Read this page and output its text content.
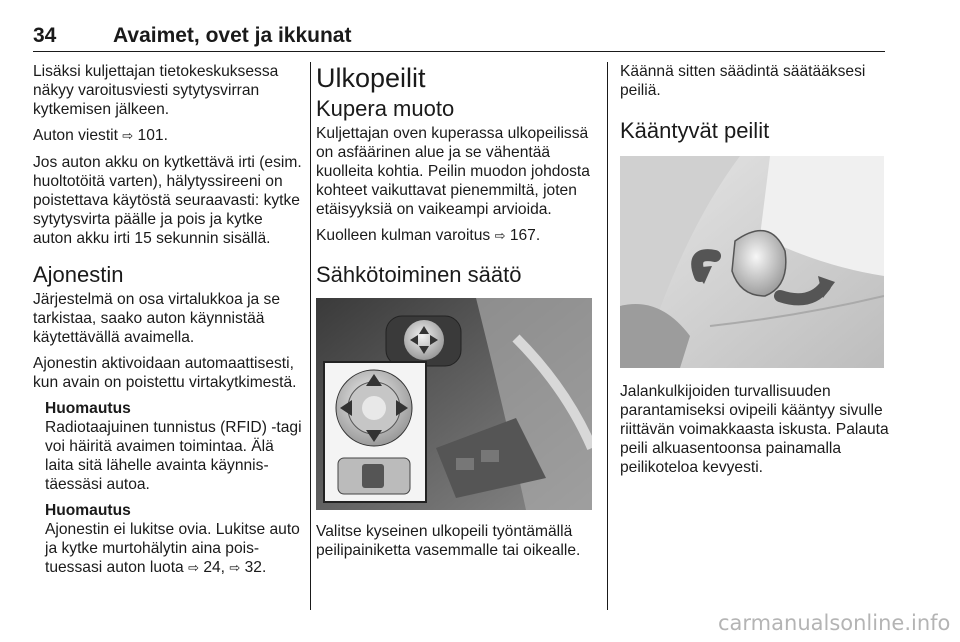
34	Avaimet, ovet ja ikkunat

Lisäksi kuljettajan tietokeskuksessa näkyy varoitusviesti sytytysvirran kytkemisen jälkeen.

Auton viestit ⇨ 101.

Jos auton akku on kytkettävä irti (esim. huoltotöitä varten), hälytyssireeni on poistettava käytöstä seuraavasti: kytke sytytysvirta päälle ja pois ja kytke auton akku irti 15 sekunnin sisällä.

Ajonestin

Järjestelmä on osa virtalukkoa ja se tarkistaa, saako auton käynnistää käytettävällä avaimella.

Ajonestin aktivoidaan automaattisesti, kun avain on poistettu virtakytkimestä.

Huomautus

Radiotaajuinen tunnistus (RFID) -tagi voi häiritä avaimen toimintaa. Älä laita sitä lähelle avainta käynnistäessäsi autoa.

Huomautus

Ajonestin ei lukitse ovia. Lukitse auto ja kytke murtohälytin aina poistuessasi auton luota ⇨ 24, ⇨ 32.

Ulkopeilit
Kupera muoto

Kuljettajan oven kuperassa ulkopeilissä on asfäärinen alue ja se vähentää kuolleita kohtia. Peilin muodon johdosta kohteet vaikuttavat pienemmiltä, joten etäisyyksiä on vaikeampi arvioida.

Kuolleen kulman varoitus ⇨ 167.

Sähkötoiminen säätö

Valitse kyseinen ulkopeili työntämällä peilipainiketta vasemmalle tai oikealle.

Käännä sitten säädintä säätääksesi peiliä.

Kääntyvät peilit

Jalankulkijoiden turvallisuuden parantamiseksi ovipeili kääntyy sivulle riittävän voimakkaasta iskusta. Palauta peili alkuasentoonsa painamalla peilikoteloa kevyesti.

carmanualsonline.info
